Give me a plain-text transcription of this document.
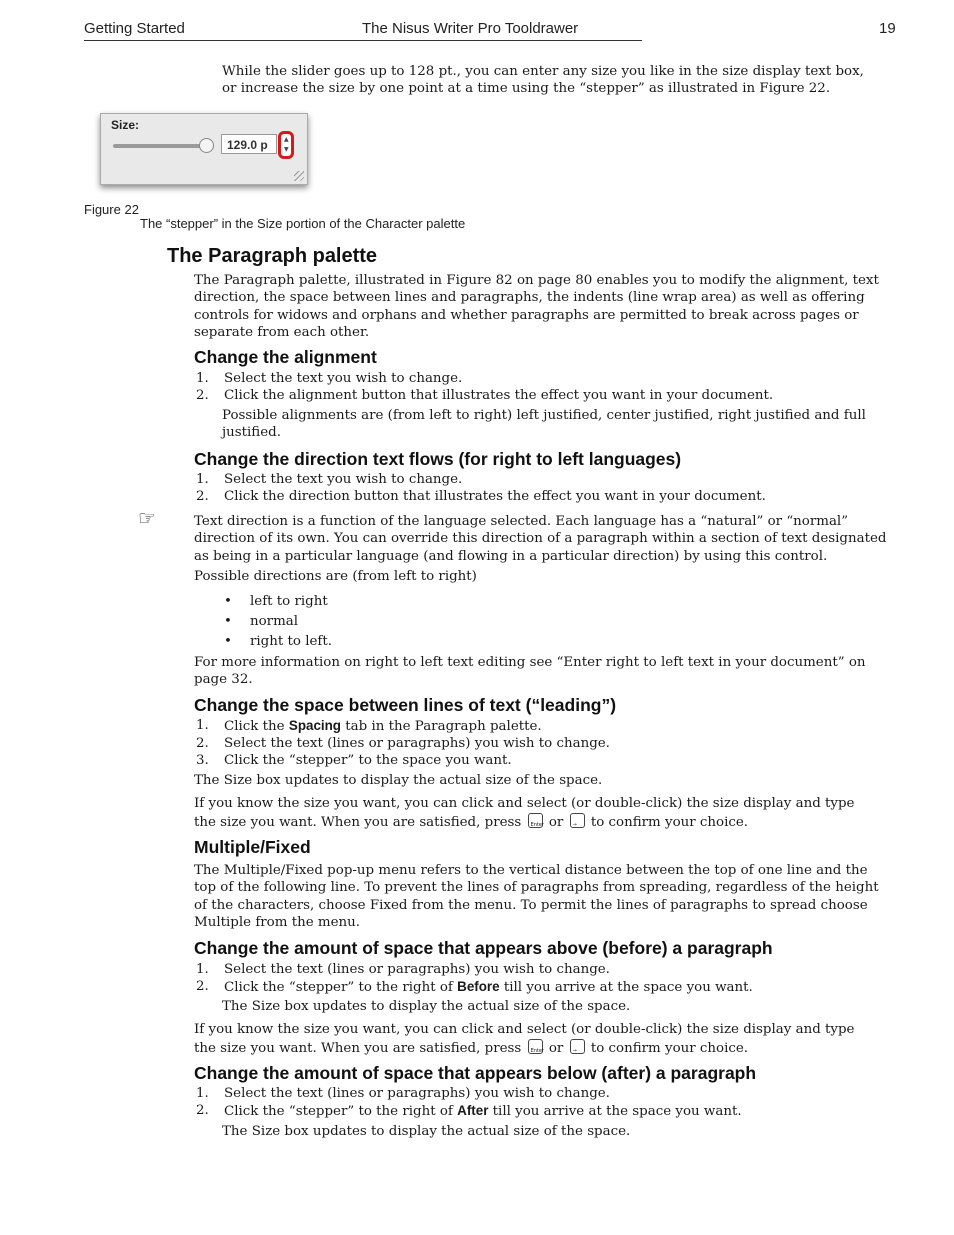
Getting Started	The Nisus Writer Pro Tooldrawer	19
While the slider goes up to 128 pt., you can enter any size you like in the size display text box, or increase the size by one point at a time using the “stepper” as illustrated in Figure 22.
Size:
129.0 p	▲
▼
Figure 22
The “stepper” in the Size portion of the Character palette
The Paragraph palette
The Paragraph palette, illustrated in Figure 82 on page 80 enables you to modify the alignment, text direction, the space between lines and paragraphs, the indents (line wrap area) as well as offering controls for widows and orphans and whether paragraphs are permitted to break across pages or separate from each other.
Change the alignment
1. Select the text you wish to change.
2. Click the alignment button that illustrates the effect you want in your document.
Possible alignments are (from left to right) left justified, center justified, right justified and full justified.
Change the direction text flows (for right to left languages)
1. Select the text you wish to change.
2. Click the direction button that illustrates the effect you want in your document.
☞	Text direction is a function of the language selected. Each language has a “natural” or “normal” direction of its own. You can override this direction of a paragraph within a section of text designated as being in a particular language (and flowing in a particular direction) by using this control.
Possible directions are (from left to right)
• left to right
• normal
• right to left.
For more information on right to left text editing see “Enter right to left text in your document” on page 32.
Change the space between lines of text (“leading”)
1. Click the Spacing tab in the Paragraph palette.
2. Select the text (lines or paragraphs) you wish to change.
3. Click the “stepper” to the space you want.
The Size box updates to display the actual size of the space.
If you know the size you want, you can click and select (or double-click) the size display and type
the size you want. When you are satisfied, press Enter or → to confirm your choice.
Multiple/Fixed
The Multiple/Fixed pop-up menu refers to the vertical distance between the top of one line and the top of the following line. To prevent the lines of paragraphs from spreading, regardless of the height of the characters, choose Fixed from the menu. To permit the lines of paragraphs to spread choose Multiple from the menu.
Change the amount of space that appears above (before) a paragraph
1. Select the text (lines or paragraphs) you wish to change.
2. Click the “stepper” to the right of Before till you arrive at the space you want.
The Size box updates to display the actual size of the space.
If you know the size you want, you can click and select (or double-click) the size display and type
the size you want. When you are satisfied, press Enter or → to confirm your choice.
Change the amount of space that appears below (after) a paragraph
1. Select the text (lines or paragraphs) you wish to change.
2. Click the “stepper” to the right of After till you arrive at the space you want.
The Size box updates to display the actual size of the space.
